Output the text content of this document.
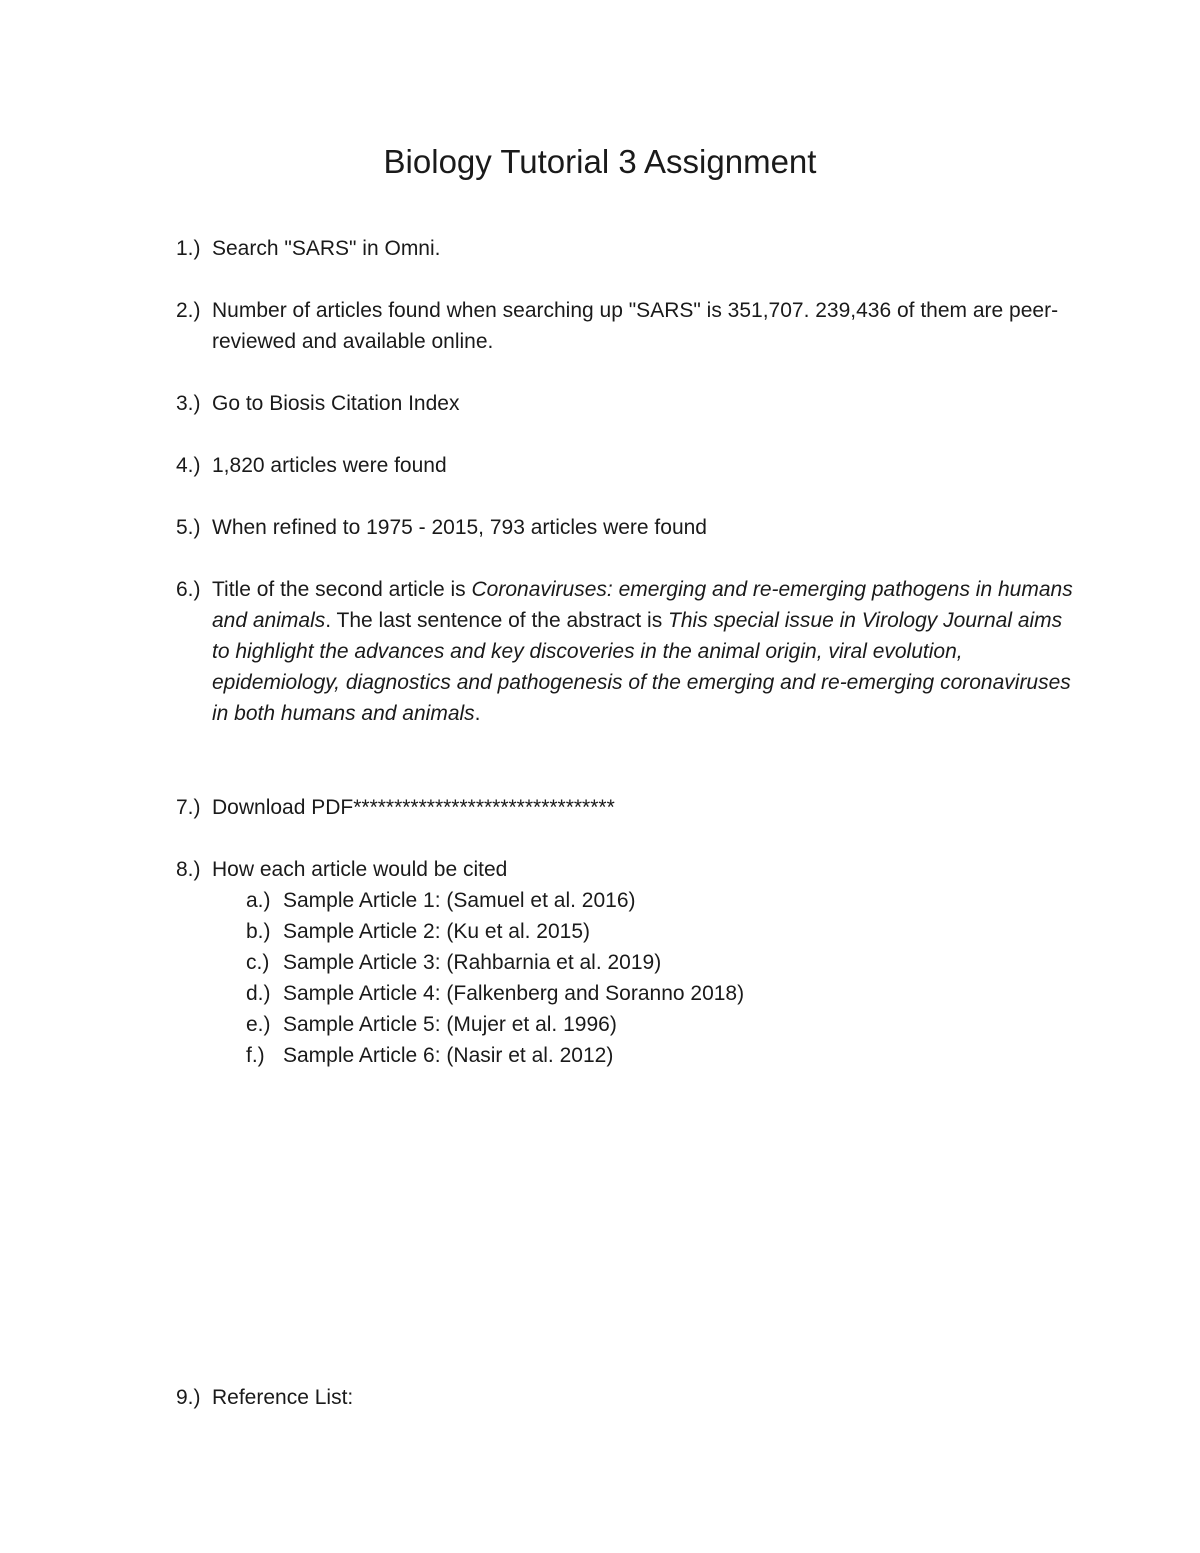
Biology Tutorial 3 Assignment

1.) Search "SARS" in Omni.

2.) Number of articles found when searching up "SARS" is 351,707. 239,436 of them are peer-reviewed and available online.

3.) Go to Biosis Citation Index

4.) 1,820 articles were found

5.) When refined to 1975 - 2015, 793 articles were found

6.) Title of the second article is Coronaviruses: emerging and re-emerging pathogens in humans and animals. The last sentence of the abstract is This special issue in Virology Journal aims to highlight the advances and key discoveries in the animal origin, viral evolution, epidemiology, diagnostics and pathogenesis of the emerging and re-emerging coronaviruses in both humans and animals.

7.) Download PDF********************************

8.) How each article would be cited

a.) Sample Article 1: (Samuel et al. 2016)

b.) Sample Article 2: (Ku et al. 2015)

c.) Sample Article 3: (Rahbarnia et al. 2019)

d.) Sample Article 4: (Falkenberg and Soranno 2018)

e.) Sample Article 5: (Mujer et al. 1996)

f.) Sample Article 6: (Nasir et al. 2012)

9.) Reference List:
